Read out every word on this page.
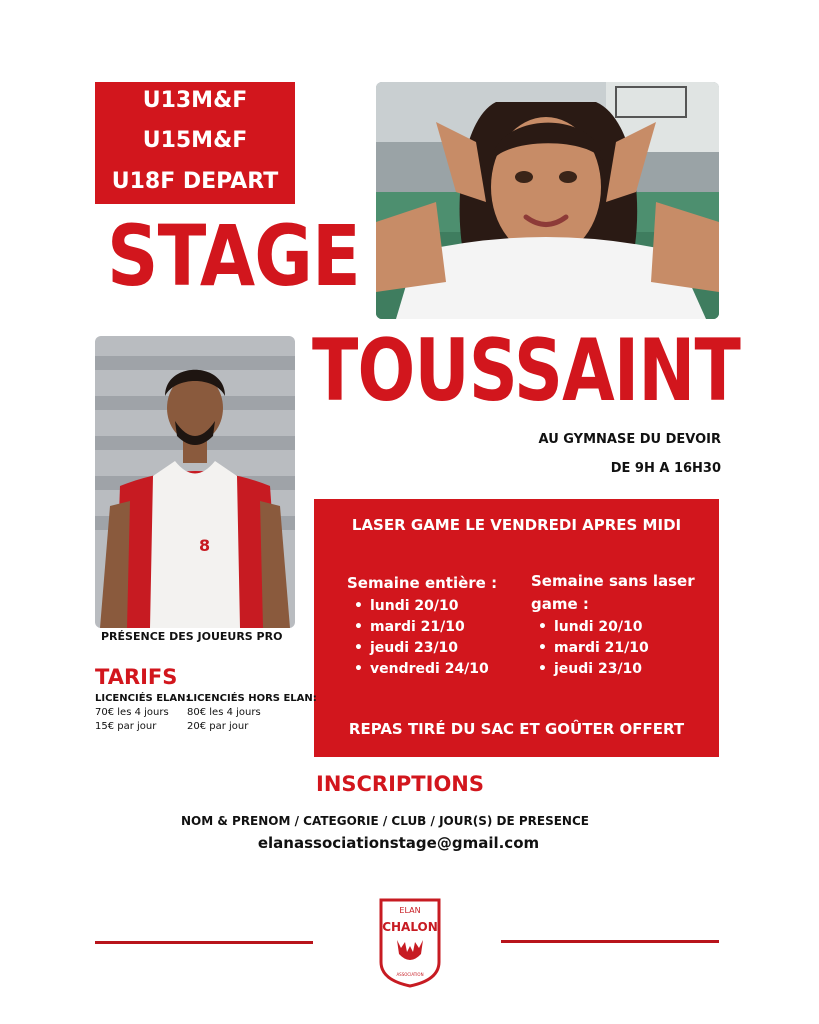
U13M&F
U15M&F
U18F DEPART
STAGE
TOUSSAINT
8
AU GYMNASE DU DEVOIR
DE 9H A 16H30
PRÉSENCE DES JOUEURS PRO
LASER GAME LE VENDREDI APRES MIDI
Semaine entière :
• lundi 20/10
• mardi 21/10
• jeudi 23/10
• vendredi 24/10
Semaine sans laser
game :
• lundi 20/10
• mardi 21/10
• jeudi 23/10
REPAS TIRÉ DU SAC ET GOÛTER OFFERT
TARIFS
LICENCIÉS ELAN:
70€ les 4 jours
15€ par jour
LICENCIÉS HORS ELAN:
80€ les 4 jours
20€ par jour
INSCRIPTIONS
NOM & PRENOM / CATEGORIE / CLUB / JOUR(S) DE PRESENCE
elanassociationstage@gmail.com
ELAN
CHALON
ASSOCIATION
